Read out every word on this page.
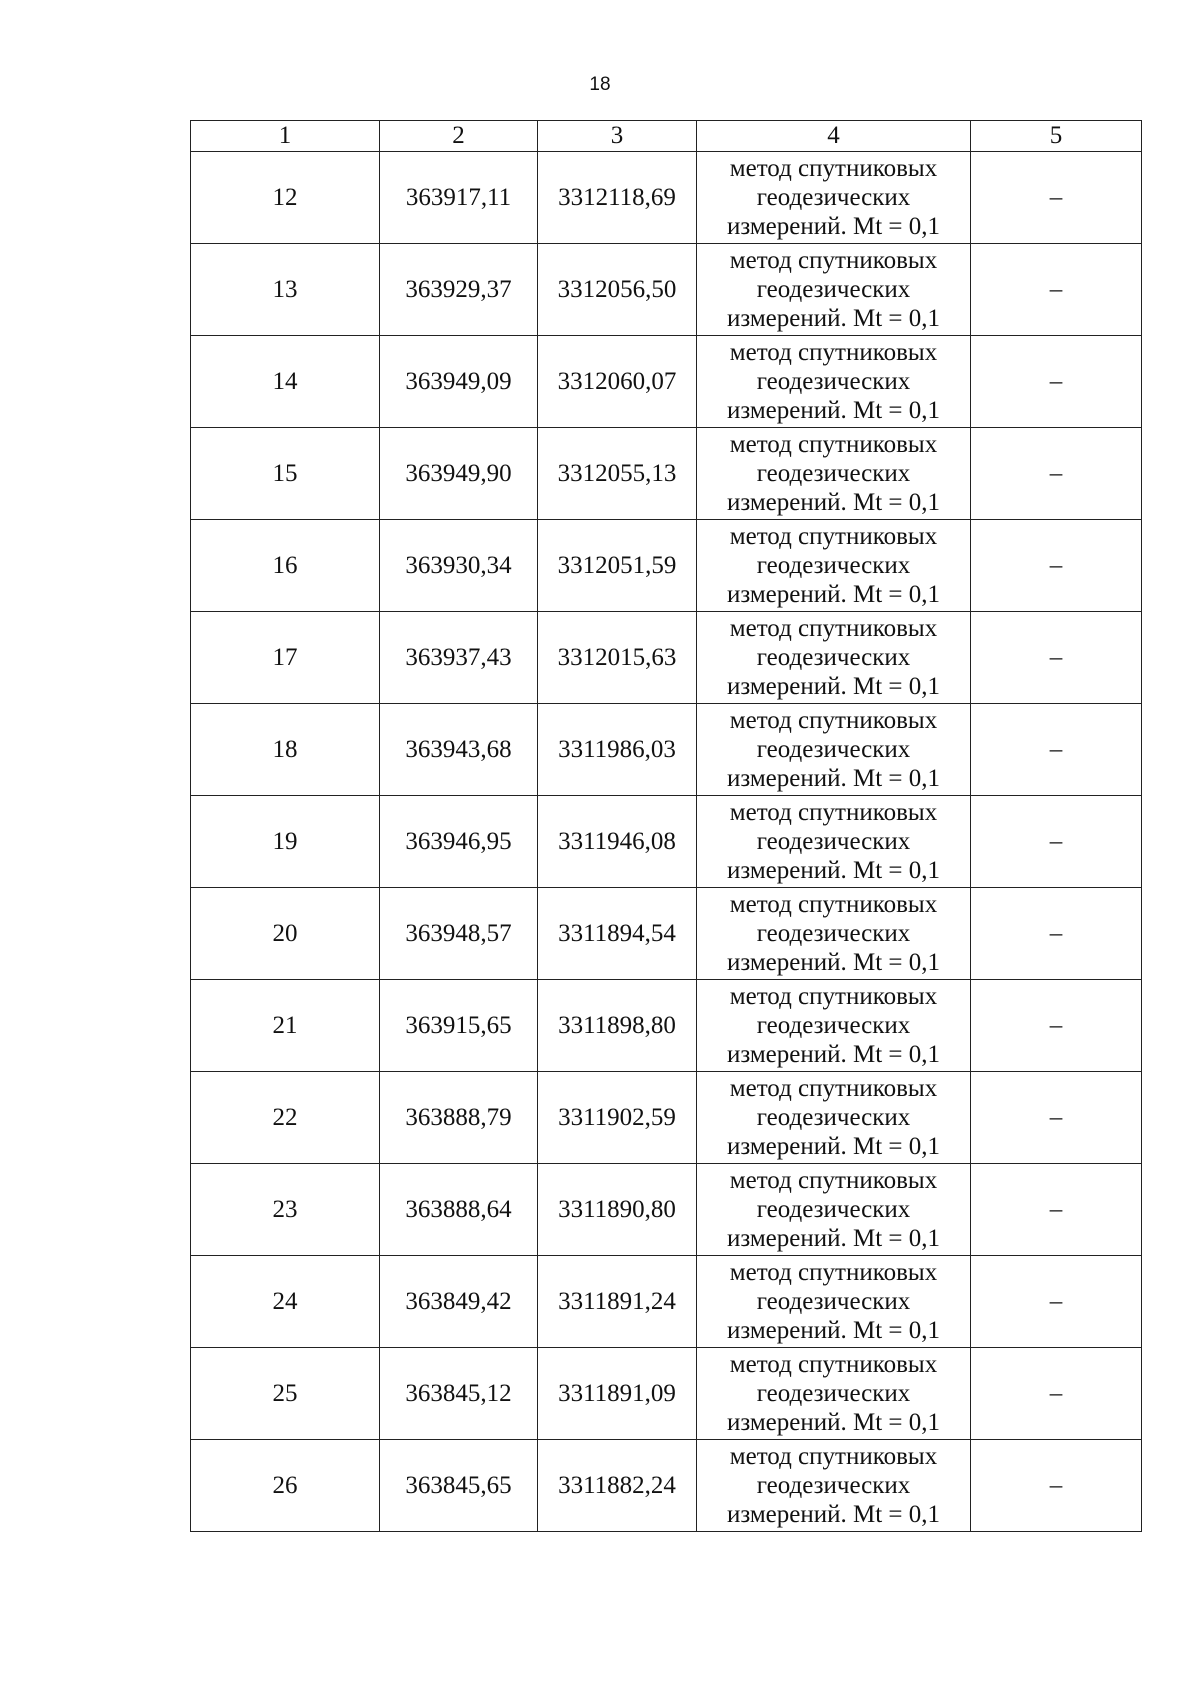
18
1	2	3	4	5
12	363917,11	3312118,69	метод спутниковых
геодезических
измерений. Mt = 0,1	–
13	363929,37	3312056,50	метод спутниковых
геодезических
измерений. Mt = 0,1	–
14	363949,09	3312060,07	метод спутниковых
геодезических
измерений. Mt = 0,1	–
15	363949,90	3312055,13	метод спутниковых
геодезических
измерений. Mt = 0,1	–
16	363930,34	3312051,59	метод спутниковых
геодезических
измерений. Mt = 0,1	–
17	363937,43	3312015,63	метод спутниковых
геодезических
измерений. Mt = 0,1	–
18	363943,68	3311986,03	метод спутниковых
геодезических
измерений. Mt = 0,1	–
19	363946,95	3311946,08	метод спутниковых
геодезических
измерений. Mt = 0,1	–
20	363948,57	3311894,54	метод спутниковых
геодезических
измерений. Mt = 0,1	–
21	363915,65	3311898,80	метод спутниковых
геодезических
измерений. Mt = 0,1	–
22	363888,79	3311902,59	метод спутниковых
геодезических
измерений. Mt = 0,1	–
23	363888,64	3311890,80	метод спутниковых
геодезических
измерений. Mt = 0,1	–
24	363849,42	3311891,24	метод спутниковых
геодезических
измерений. Mt = 0,1	–
25	363845,12	3311891,09	метод спутниковых
геодезических
измерений. Mt = 0,1	–
26	363845,65	3311882,24	метод спутниковых
геодезических
измерений. Mt = 0,1	–
